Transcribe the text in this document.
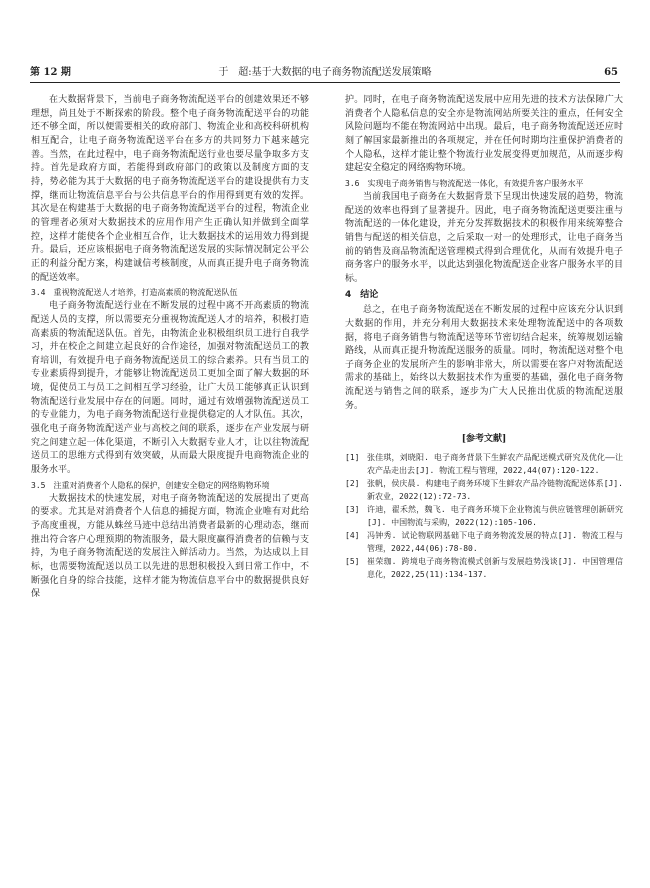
第 12 期	于　超:基于大数据的电子商务物流配送发展策略	65

在大数据背景下，当前电子商务物流配送平台的创建效果还不够理想，尚且处于不断探索的阶段。整个电子商务物流配送平台的功能还不够全面，所以便需要相关的政府部门、物流企业和高校科研机构相互配合，让电子商务物流配送平台在多方的共同努力下越来越完善。当然，在此过程中，电子商务物流配送行业也要尽量争取多方支持。首先是政府方面，若能得到政府部门的政策以及制度方面的支持，势必能为其于大数据的电子商务物流配送平台的建设提供有力支撑，继而让物流信息平台与公共信息平台的作用得到更有效的发挥。其次是在构建基于大数据的电子商务物流配送平台的过程，物流企业的管理者必须对大数据技术的应用作用产生正确认知并做到全面掌控，这样才能使各个企业相互合作，让大数据技术的运用效力得到提升。最后，还应该根据电子商务物流配送发展的实际情况制定公平公正的利益分配方案，构建诚信考核制度，从而真正提升电子商务物流的配送效率。

3.4　重视物流配送人才培养，打造高素质的物流配送队伍

电子商务物流配送行业在不断发展的过程中离不开高素质的物流配送人员的支撑，所以需要充分重视物流配送人才的培养，积极打造高素质的物流配送队伍。首先，由物流企业积极组织员工进行自我学习，并在校企之间建立起良好的合作途径，加强对物流配送员工的教育培训，有效提升电子商务物流配送员工的综合素养。只有当员工的专业素质得到提升，才能够让物流配送员工更加全面了解大数据的环境，促使员工与员工之间相互学习经验，让广大员工能够真正认识到物流配送行业发展中存在的问题。同时，通过有效增强物流配送员工的专业能力，为电子商务物流配送行业提供稳定的人才队伍。其次，强化电子商务物流配送产业与高校之间的联系，逐步在产业发展与研究之间建立起一体化渠道，不断引入大数据专业人才，让以往物流配送员工的思维方式得到有效突破，从而最大限度提升电商物流企业的服务水平。

3.5　注重对消费者个人隐私的保护，创建安全稳定的网络购物环境

大数据技术的快速发展，对电子商务物流配送的发展提出了更高的要求。尤其是对消费者个人信息的捕捉方面，物流企业唯有对此给予高度重视，方能从蛛丝马迹中总结出消费者最新的心理动态，继而推出符合客户心理预期的物流服务，最大限度赢得消费者的信赖与支持，为电子商务物流配送的发展注入鲜活动力。当然，为达成以上目标，也需要物流配送以员工以先进的思想积极投入到日常工作中，不断强化自身的综合技能，这样才能为物流信息平台中的数据提供良好保

护。同时，在电子商务物流配送发展中应用先进的技术方法保障广大消费者个人隐私信息的安全亦是物流网站所要关注的重点，任何安全风险问题均不能在物流网站中出现。最后，电子商务物流配送还应时刻了解国家最新推出的各项规定，并在任何时期均注重保护消费者的个人隐私，这样才能让整个物流行业发展变得更加规范，从而逐步构建起安全稳定的网络购物环境。

3.6　实现电子商务销售与物流配送一体化，有效提升客户服务水平

当前我国电子商务在大数据背景下呈现出快速发展的趋势，物流配送的效率也得到了显著提升。因此，电子商务物流配送更要注重与物流配送的一体化建设，并充分发挥数据技术的积极作用来统筹整合销售与配送的相关信息，之后采取一对一的处理形式，让电子商务当前的销售及商品物流配送管理模式得到合理优化，从而有效提升电子商务客户的服务水平，以此达到强化物流配送企业客户服务水平的目标。

4　结论

总之，在电子商务物流配送在不断发展的过程中应该充分认识到大数据的作用，并充分利用大数据技术来处理物流配送中的各项数据，将电子商务销售与物流配送等环节密切结合起来，统筹规划运输路线，从而真正提升物流配送服务的质量。同时，物流配送对整个电子商务企业的发展所产生的影响非常大，所以需要在客户对物流配送需求的基础上，始终以大数据技术作为重要的基础，强化电子商务物流配送与销售之间的联系，逐步为广大人民推出优质的物流配送服务。

[参考文献]
[1] 张佳琪，刘晓阳. 电子商务背景下生鲜农产品配送模式研究及优化——让农产品走出去[J]. 物流工程与管理，2022,44(07):120-122.
[2] 张帆，侯庆晨. 构建电子商务环境下生鲜农产品冷链物流配送体系[J]. 新农业，2022(12):72-73.
[3] 许迪，翟禾然，魏飞. 电子商务环境下企业物流与供应链管理创新研究[J]. 中国物流与采购，2022(12):105-106.
[4] 冯钟秀. 试论物联网基础下电子商务物流发展的特点[J]. 物流工程与管理，2022,44(06):78-80.
[5] 崔荣珈. 跨境电子商务物流模式创新与发展趋势浅谈[J]. 中国管理信息化，2022,25(11):134-137.
